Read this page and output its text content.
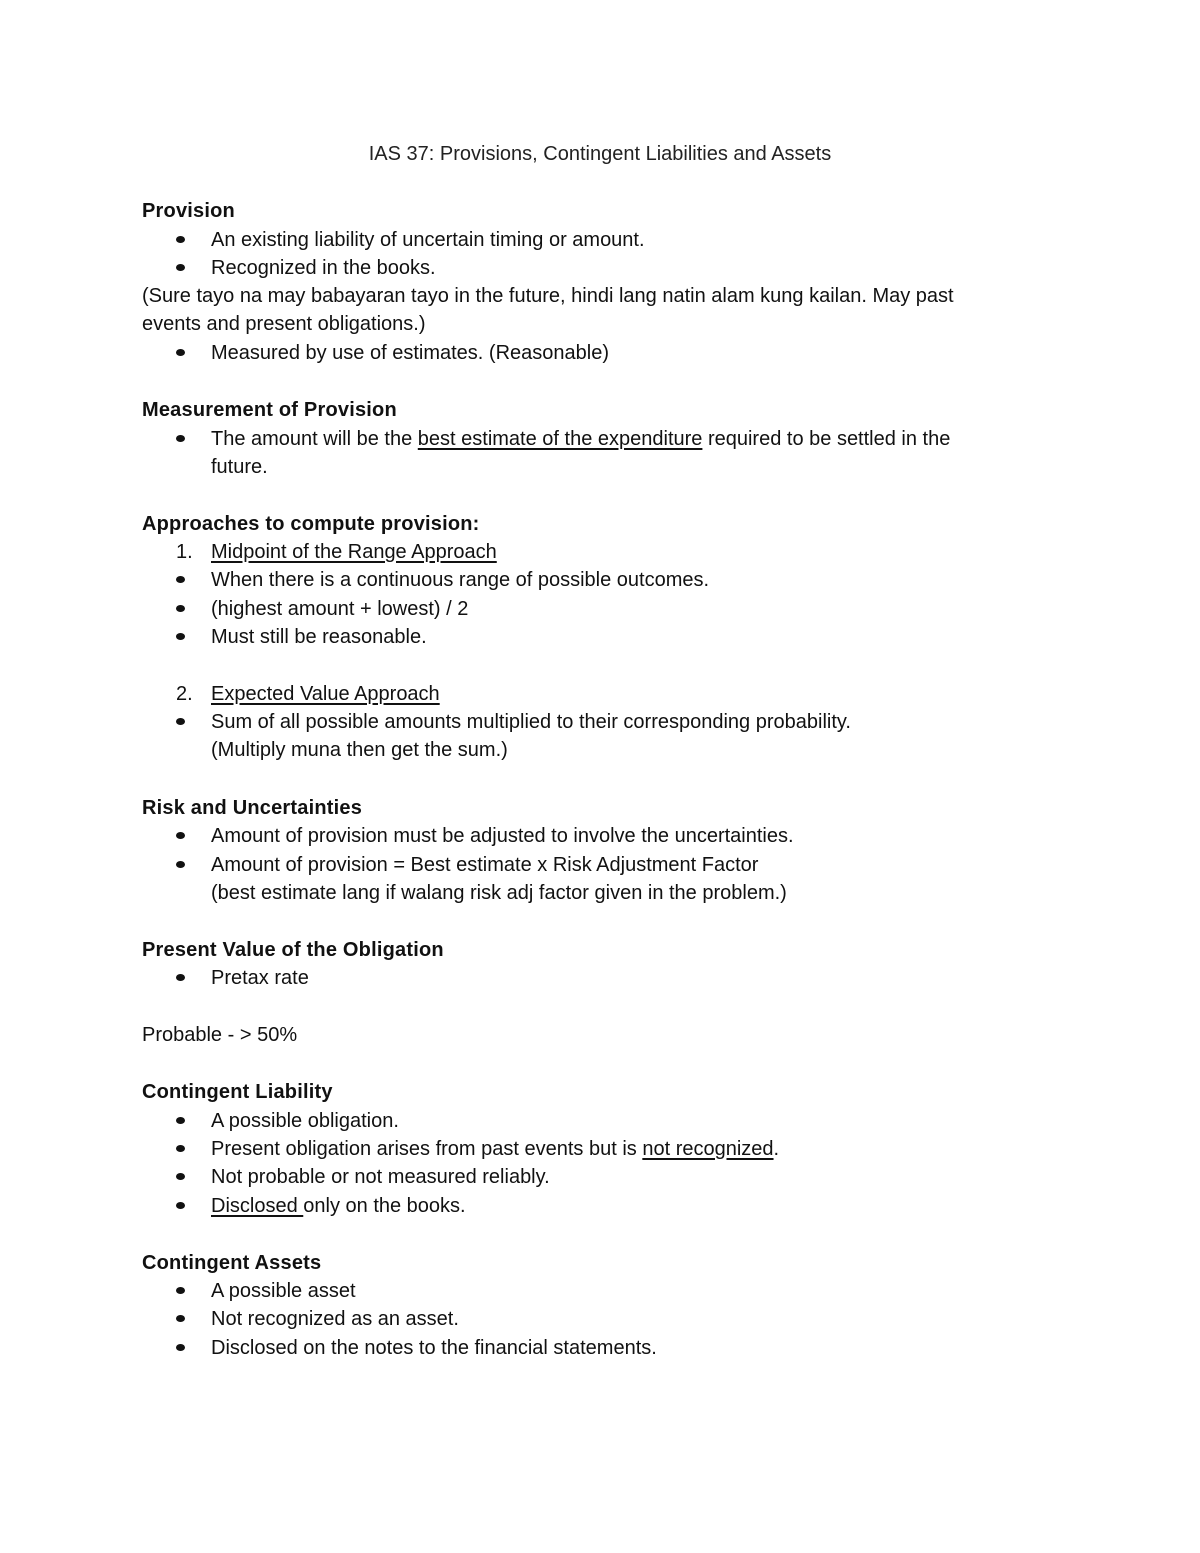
IAS 37: Provisions, Contingent Liabilities and Assets
Provision
An existing liability of uncertain timing or amount.
Recognized in the books.
(Sure tayo na may babayaran tayo in the future, hindi lang natin alam kung kailan. May past
events and present obligations.)
Measured by use of estimates. (Reasonable)
Measurement of Provision
The amount will be the best estimate of the expenditure required to be settled in the
future.
Approaches to compute provision:
1. Midpoint of the Range Approach
When there is a continuous range of possible outcomes.
(highest amount + lowest) / 2
Must still be reasonable.
2. Expected Value Approach
Sum of all possible amounts multiplied to their corresponding probability.
(Multiply muna then get the sum.)
Risk and Uncertainties
Amount of provision must be adjusted to involve the uncertainties.
Amount of provision = Best estimate x Risk Adjustment Factor
(best estimate lang if walang risk adj factor given in the problem.)
Present Value of the Obligation
Pretax rate
Probable - > 50%
Contingent Liability
A possible obligation.
Present obligation arises from past events but is not recognized.
Not probable or not measured reliably.
Disclosed only on the books.
Contingent Assets
A possible asset
Not recognized as an asset.
Disclosed on the notes to the financial statements.
